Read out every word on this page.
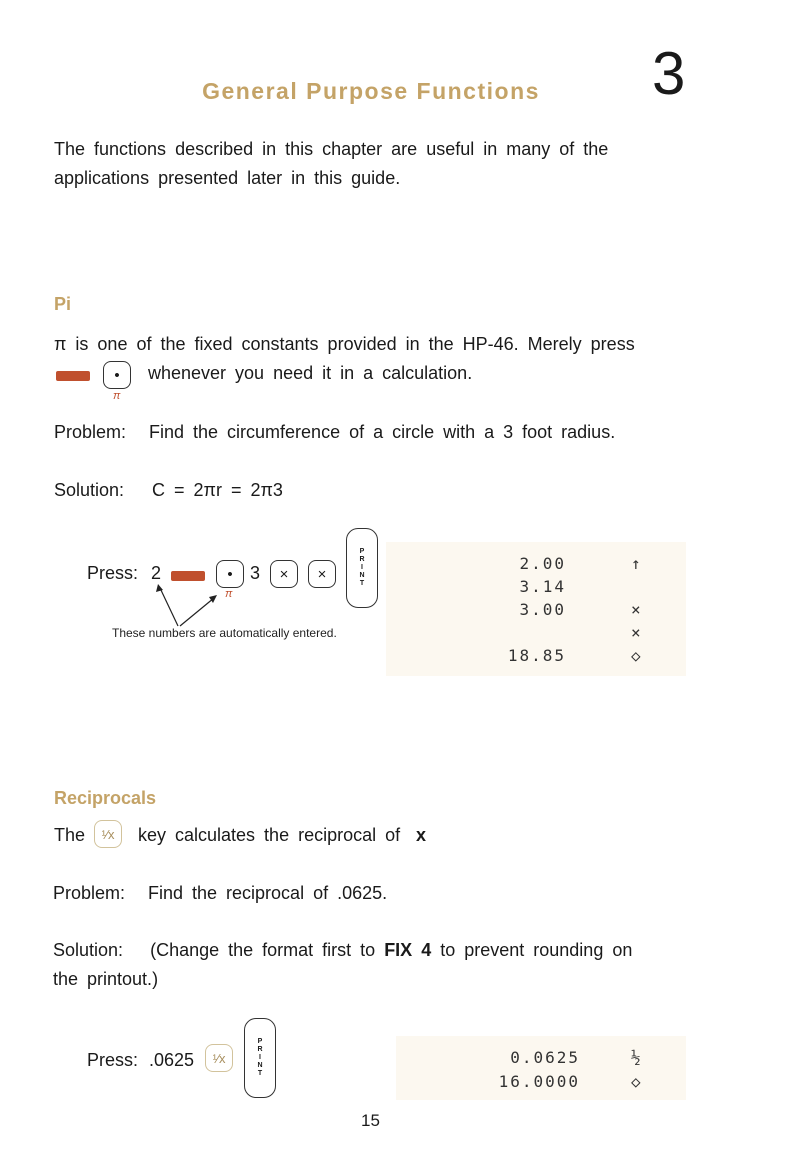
General Purpose Functions	3
The functions described in this chapter are useful in many of the
applications presented later in this guide.
Pi
π is one of the fixed constants provided in the HP-46. Merely press
•
π
whenever you need it in a calculation.
Problem: Find the circumference of a circle with a 3 foot radius.
Solution: C = 2πr = 2π3
Press: 2	•
π
3	×	×
P
R
I
N
T
These numbers are automatically entered.
2.00	↑
3.14
3.00	×
×
18.85	◇
Reciprocals
The	¹⁄x	key calculates the reciprocal of x
Problem: Find the reciprocal of .0625.
Solution: (Change the format first to FIX 4 to prevent rounding on
the printout.)
Press: .0625	¹⁄x
P
R
I
N
T
0.0625	½
16.0000	◇
15
